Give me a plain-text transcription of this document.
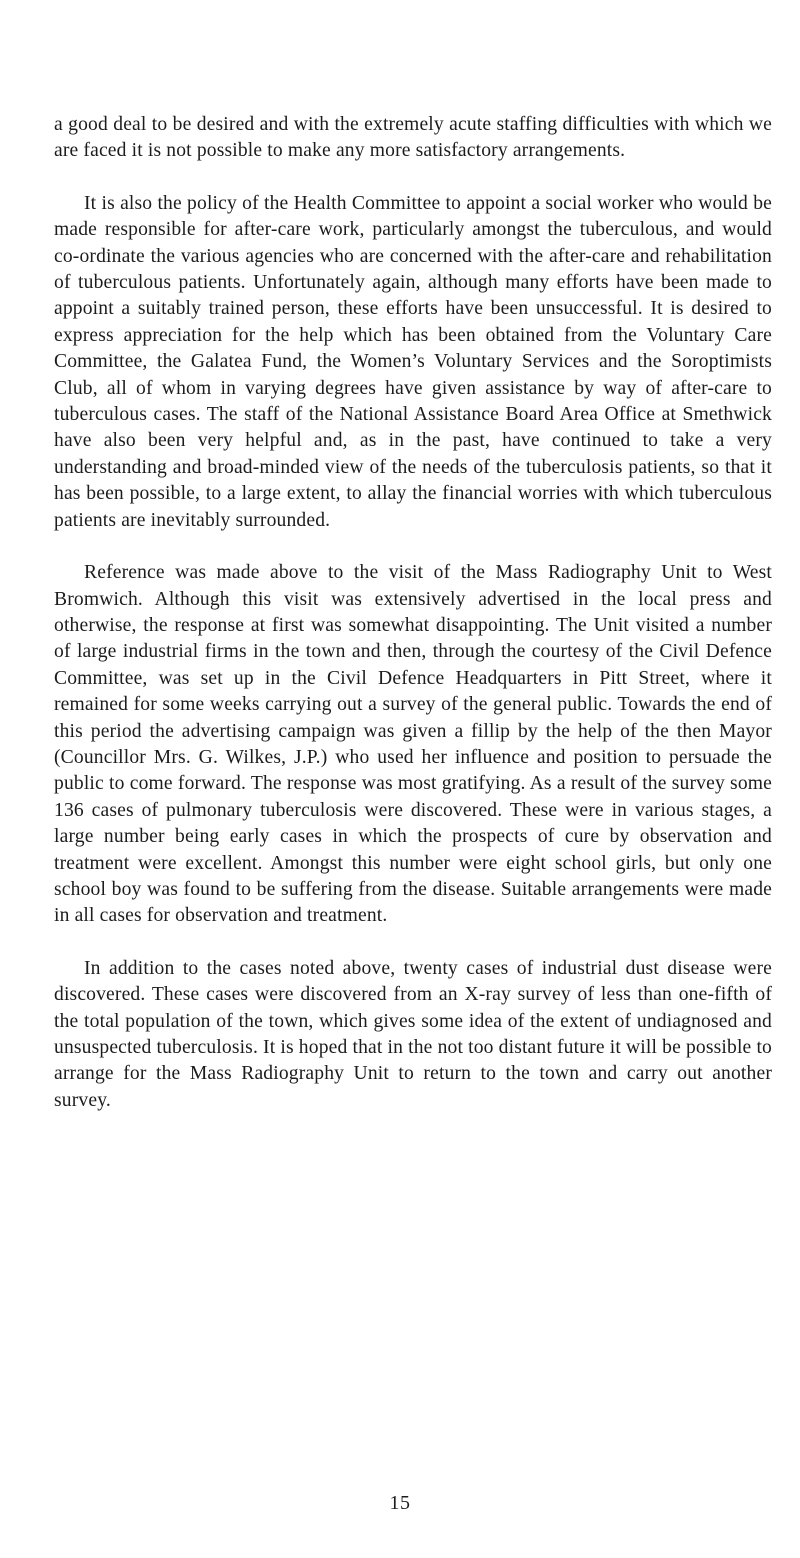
a good deal to be desired and with the extremely acute staffing difficulties with which we are faced it is not possible to make any more satisfactory arrangements.

It is also the policy of the Health Committee to appoint a social worker who would be made responsible for after-care work, particularly amongst the tuberculous, and would co-ordinate the various agencies who are concerned with the after-care and rehabilitation of tuberculous patients. Unfortunately again, although many efforts have been made to appoint a suitably trained person, these efforts have been unsuccessful. It is desired to express appreciation for the help which has been obtained from the Voluntary Care Committee, the Galatea Fund, the Women’s Voluntary Services and the Soroptimists Club, all of whom in varying degrees have given assistance by way of after-care to tuberculous cases. The staff of the National Assistance Board Area Office at Smethwick have also been very helpful and, as in the past, have continued to take a very understanding and broad-minded view of the needs of the tuberculosis patients, so that it has been possible, to a large extent, to allay the financial worries with which tuberculous patients are inevitably surrounded.

Reference was made above to the visit of the Mass Radiography Unit to West Bromwich. Although this visit was extensively advertised in the local press and otherwise, the response at first was somewhat disappointing. The Unit visited a number of large industrial firms in the town and then, through the courtesy of the Civil Defence Committee, was set up in the Civil Defence Headquarters in Pitt Street, where it remained for some weeks carrying out a survey of the general public. Towards the end of this period the advertising campaign was given a fillip by the help of the then Mayor (Councillor Mrs. G. Wilkes, J.P.) who used her influence and position to persuade the public to come forward. The response was most gratifying. As a result of the survey some 136 cases of pulmonary tuberculosis were discovered. These were in various stages, a large number being early cases in which the prospects of cure by observation and treatment were excellent. Amongst this number were eight school girls, but only one school boy was found to be suffering from the disease. Suitable arrangements were made in all cases for observation and treatment.

In addition to the cases noted above, twenty cases of industrial dust disease were discovered. These cases were discovered from an X-ray survey of less than one-fifth of the total population of the town, which gives some idea of the extent of undiagnosed and unsuspected tuberculosis. It is hoped that in the not too distant future it will be possible to arrange for the Mass Radiography Unit to return to the town and carry out another survey.

15
